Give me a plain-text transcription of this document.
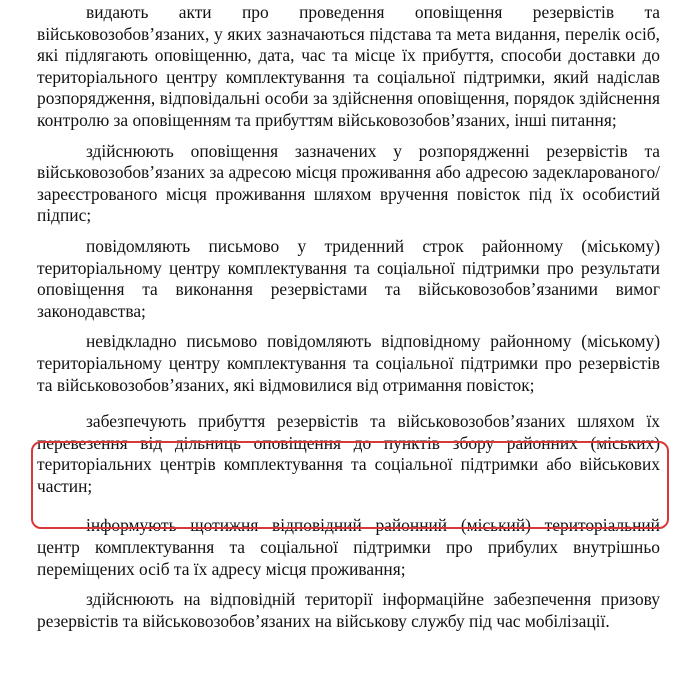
видають акти про проведення оповіщення резервістів та військовозобов’язаних, у яких зазначаються підстава та мета видання, перелік осіб, які підлягають оповіщенню, дата, час та місце їх прибуття, способи доставки до територіального центру комплектування та соціальної підтримки, який надіслав розпорядження, відповідальні особи за здійснення оповіщення, порядок здійснення контролю за оповіщенням та прибуттям військовозобов’язаних, інші питання;

здійснюють оповіщення зазначених у розпорядженні резервістів та військовозобов’язаних за адресою місця проживання або адресою задекларованого/зареєстрованого місця проживання шляхом вручення повісток під їх особистий підпис;

повідомляють письмово у триденний строк районному (міському) територіальному центру комплектування та соціальної підтримки про результати оповіщення та виконання резервістами та військовозобов’язаними вимог законодавства;

невідкладно письмово повідомляють відповідному районному (міському) територіальному центру комплектування та соціальної підтримки про резервістів та військовозобов’язаних, які відмовилися від отримання повісток;

забезпечують прибуття резервістів та військовозобов’язаних шляхом їх перевезення від дільниць оповіщення до пунктів збору районних (міських) територіальних центрів комплектування та соціальної підтримки або військових частин;

інформують щотижня відповідний районний (міський) територіальний центр комплектування та соціальної підтримки про прибулих внутрішньо переміщених осіб та їх адресу місця проживання;

здійснюють на відповідній території інформаційне забезпечення призову резервістів та військовозобов’язаних на військову службу під час мобілізації.
